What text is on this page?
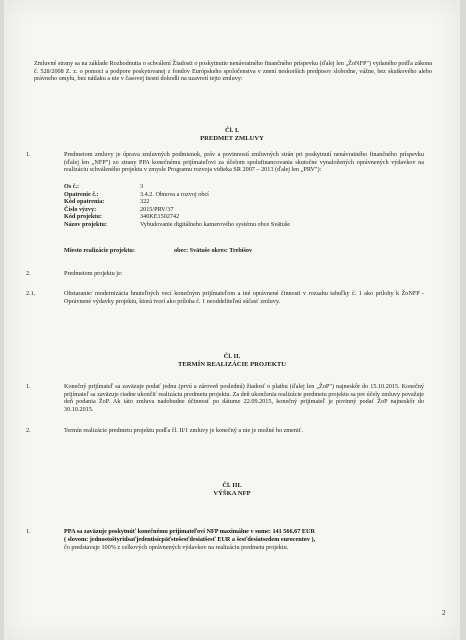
Zmluvné strany sa na základe Rozhodnutia o schválení Žiadosti o poskytnutie nenávratného finančného príspevku (ďalej len „ŽoNFP") vydaného podľa zákona č. 528/2008 Z. z. o pomoci a podpore poskytovanej z fondov Európskeho spoločenstva v znení neskorších predpisov slobodne, vážne, bez skutkového alebo právneho omylu, bez nátlaku a nie v časovej tiesni dohodli na uzavretí tejto zmluvy:
Čl. I.
PREDMET ZMLUVY
1.	Predmetom zmluvy je úprava zmluvných podmienok, práv a povinností zmluvných strán pri poskytnutí nenávratného finančného príspevku (ďalej len „NFP") zo strany PPA konečnému prijímateľovi za účelom spolufinancovania skutočne vynaložených oprávnených výdavkov na realizáciu schváleného projektu v zmysle Programu rozvoja vidieka SR 2007 – 2013 (ďalej len „PRV"):
Os č.:	3
Opatrenie č.:	3.4.2. Obnova a rozvoj obcí
Kód opatrenia:	322
Číslo výzvy:	2015/PRV/37
Kód projektu:	340KE1502742
Názov projektu:	Vybudovanie digitálneho kamerového systému obce Svätuše
Miesto realizácie projektu:	obec: Svätuše okres: Trebišov
2.	Predmetom projektu je:
2.1.	Obstaranie/ modernizácia hnuteľných vecí konečným prijímateľom a iné oprávnené činnosti v rozsahu tabuľky č. 1 ako prílohy k ŽoNFP - Oprávnené výdavky projektu, ktorá tvorí ako príloha č. 1 neoddeliteľnú súčasť zmluvy.
Čl. II.
TERMÍN REALIZÁCIE PROJEKTU
1.	Konečný prijímateľ sa zaväzuje podať jednu (prvú a zároveň poslednú) žiadosť o platbu (ďalej len „ŽoP") najneskôr do 15.10.2015. Konečný prijímateľ sa zaväzuje riadne ukončiť realizáciu predmetu projektu. Za deň ukončenia realizácie predmetu projektu sa pre účely zmluvy považuje deň podania ŽoP. Ak táto zmluva nadobudne účinnosť po dátume 22.09.2015, konečný prijímateľ je povinný podať ŽoP najneskôr do 30.10.2015.
2.	Termín realizácie predmetu projektu podľa čl. II/1 zmluvy je konečný a nie je možné ho zmeniť.
Čl. III.
VÝŠKA NFP
1.	PPA sa zaväzuje poskytnúť konečnému prijímateľovi NFP maximálne v sume: 141 566,67 EUR
( slovom: jednostoštyridsaťjedentisícpäťstošesťdesiatšesť EUR a šesťdesiatsedem eurocentov ),
čo predstavuje 100% z celkových oprávnených výdavkov na realizáciu predmetu projektu.
2
